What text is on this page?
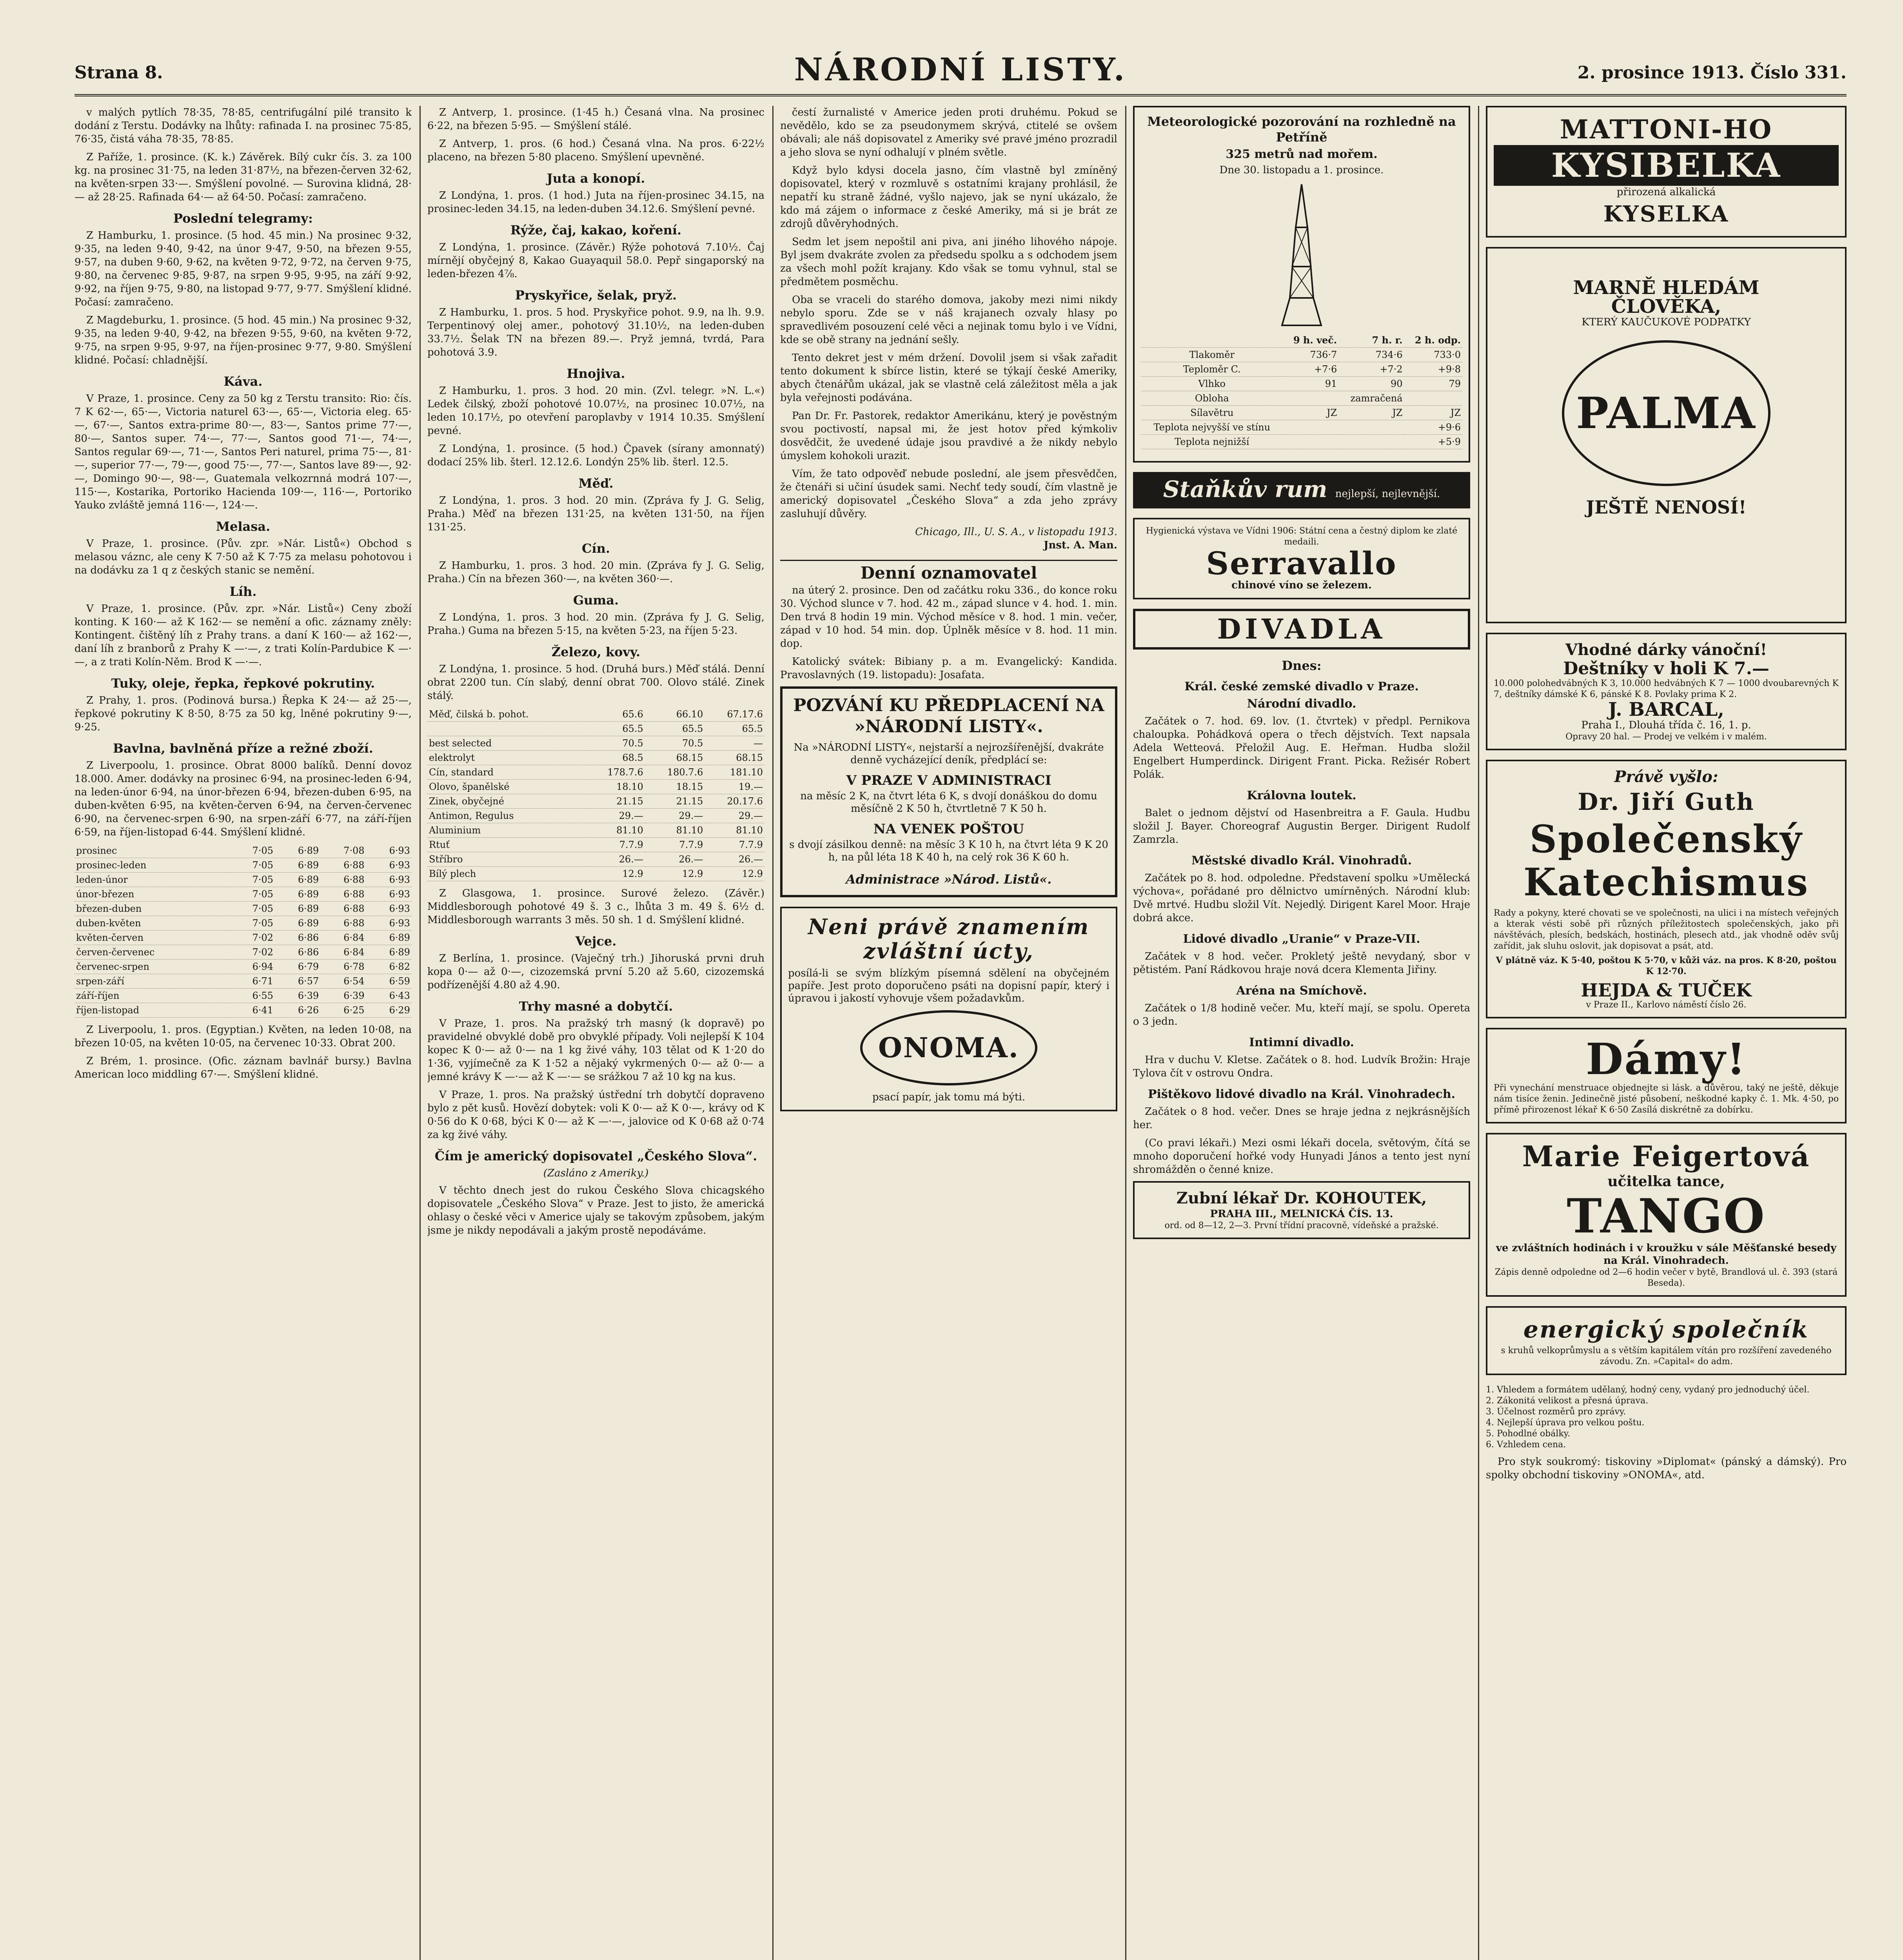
Strana 8.	NÁRODNÍ LISTY.	2. prosince 1913. Číslo 331.

v malých pytlích 78·35, 78·85, centrifugální pilé transito k dodání z Terstu. Dodávky na lhůty: rafinada I. na prosinec 75·85, 76·35, čistá váha 78·35, 78·85.

Z Paříže, 1. prosince. (K. k.) Závěrek. Bílý cukr čís. 3. za 100 kg. na prosinec 31·75, na leden 31·87½, na březen-červen 32·62, na květen-srpen 33·—. Smýšlení povolné. — Surovina klidná, 28·— až 28·25. Rafinada 64·— až 64·50. Počasí: zamračeno.

Poslední telegramy:

Z Hamburku, 1. prosince. (5 hod. 45 min.) Na prosinec 9·32, 9·35, na leden 9·40, 9·42, na únor 9·47, 9·50, na březen 9·55, 9·57, na duben 9·60, 9·62, na květen 9·72, 9·72, na červen 9·75, 9·80, na červenec 9·85, 9·87, na srpen 9·95, 9·95, na září 9·92, 9·92, na říjen 9·75, 9·80, na listopad 9·77, 9·77. Smýšlení klidné. Počasí: zamračeno.

Z Magdeburku, 1. prosince. (5 hod. 45 min.) Na prosinec 9·32, 9·35, na leden 9·40, 9·42, na březen 9·55, 9·60, na květen 9·72, 9·75, na srpen 9·95, 9·97, na říjen-prosinec 9·77, 9·80. Smýšlení klidné. Počasí: chladnější.

Káva.

V Praze, 1. prosince. Ceny za 50 kg z Terstu transito: Rio: čís. 7 K 62·—, 65·—, Victoria naturel 63·—, 65·—, Victoria eleg. 65·—, 67·—, Santos extra-prime 80·—, 83·—, Santos prime 77·—, 80·—, Santos super. 74·—, 77·—, Santos good 71·—, 74·—, Santos regular 69·—, 71·—, Santos Peri naturel, prima 75·—, 81·—, superior 77·—, 79·—, good 75·—, 77·—, Santos lave 89·—, 92·—, Domingo 90·—, 98·—, Guatemala velkozrnná modrá 107·—, 115·—, Kostarika, Portoriko Hacienda 109·—, 116·—, Portoriko Yauko zvláště jemná 116·—, 124·—.

Melasa.

V Praze, 1. prosince. (Pův. zpr. »Nár. Listů«) Obchod s melasou váznc, ale ceny K 7·50 až K 7·75 za melasu pohotovou i na dodávku za 1 q z českých stanic se nemění.

Líh.

V Praze, 1. prosince. (Pův. zpr. »Nár. Listů«) Ceny zboží konting. K 160·— až K 162·— se nemění a ofic. záznamy zněly: Kontingent. čištěný líh z Prahy trans. a daní K 160·— až 162·—, daní líh z branborů z Prahy K —·—, z trati Kolín-Pardubice K —·—, a z trati Kolín-Něm. Brod K —·—.

Tuky, oleje, řepka, řepkové pokrutiny.

Z Prahy, 1. pros. (Podinová bursa.) Řepka K 24·— až 25·—, řepkové pokrutiny K 8·50, 8·75 za 50 kg, lněné pokrutiny 9·—, 9·25.

Bavlna, bavlněná příze a režné zboží.

Z Liverpoolu, 1. prosince. Obrat 8000 balíků. Denní dovoz 18.000. Amer. dodávky na prosinec 6·94, na prosinec-leden 6·94, na leden-únor 6·94, na únor-březen 6·94, březen-duben 6·95, na duben-květen 6·95, na květen-červen 6·94, na červen-červenec 6·90, na červenec-srpen 6·90, na srpen-září 6·77, na září-říjen 6·59, na říjen-listopad 6·44. Smýšlení klidné.

prosinec	7·05	6·89	7·08	6·93
prosinec-leden	7·05	6·89	6·88	6·93
leden-únor	7·05	6·89	6·88	6·93
únor-březen	7·05	6·89	6·88	6·93
březen-duben	7·05	6·89	6·88	6·93
duben-květen	7·05	6·89	6·88	6·93
květen-červen	7·02	6·86	6·84	6·89
červen-červenec	7·02	6·86	6·84	6·89
červenec-srpen	6·94	6·79	6·78	6·82
srpen-září	6·71	6·57	6·54	6·59
září-říjen	6·55	6·39	6·39	6·43
říjen-listopad	6·41	6·26	6·25	6·29

Z Liverpoolu, 1. pros. (Egyptian.) Květen, na leden 10·08, na březen 10·05, na květen 10·05, na červenec 10·33. Obrat 200.

Z Brém, 1. prosince. (Ofic. záznam bavlnář bursy.) Bavlna American loco middling 67·—. Smýšlení klidné.

Z Antverp, 1. prosince. (1·45 h.) Česaná vlna. Na prosinec 6·22, na březen 5·95. — Smýšlení stálé.

Z Antverp, 1. pros. (6 hod.) Česaná vlna. Na pros. 6·22½ placeno, na březen 5·80 placeno. Smýšlení upevněné.

Juta a konopí.

Z Londýna, 1. pros. (1 hod.) Juta na říjen-prosinec 34.15, na prosinec-leden 34.15, na leden-duben 34.12.6. Smýšlení pevné.

Rýže, čaj, kakao, koření.

Z Londýna, 1. prosince. (Závěr.) Rýže pohotová 7.10½. Čaj mírnějí obyčejný 8, Kakao Guayaquil 58.0. Pepř singaporský na leden-březen 4⅞.

Pryskyřice, šelak, pryž.

Z Hamburku, 1. pros. 5 hod. Pryskyřice pohot. 9.9, na lh. 9.9. Terpentinový olej amer., pohotový 31.10½, na leden-duben 33.7½. Šelak TN na březen 89.—. Pryž jemná, tvrdá, Para pohotová 3.9.

Hnojiva.

Z Hamburku, 1. pros. 3 hod. 20 min. (Zvl. telegr. »N. L.«) Ledek čilský, zboží pohotové 10.07½, na prosinec 10.07½, na leden 10.17½, po otevření paroplavby v 1914 10.35. Smýšlení pevné.

Z Londýna, 1. prosince. (5 hod.) Čpavek (sírany amonnatý) dodací 25% lib. šterl. 12.12.6. Londýn 25% lib. šterl. 12.5.

Měď.

Z Londýna, 1. pros. 3 hod. 20 min. (Zpráva fy J. G. Selig, Praha.) Měď na březen 131·25, na květen 131·50, na říjen 131·25.

Cín.

Z Hamburku, 1. pros. 3 hod. 20 min. (Zpráva fy J. G. Selig, Praha.) Cín na březen 360·—, na květen 360·—.

Guma.

Z Londýna, 1. pros. 3 hod. 20 min. (Zpráva fy J. G. Selig, Praha.) Guma na březen 5·15, na květen 5·23, na říjen 5·23.

Železo, kovy.

Z Londýna, 1. prosince. 5 hod. (Druhá burs.) Měď stálá. Denní obrat 2200 tun. Cín slabý, denní obrat 700. Olovo stálé. Zinek stálý.

Měď, čilská b. pohot.	65.6	66.10	67.17.6
	65.5	65.5	65.5
best selected	70.5	70.5	—
elektrolyt	68.5	68.15	68.15
Cín, standard	178.7.6	180.7.6	181.10
Olovo, španělské	18.10	18.15	19.—
Zinek, obyčejné	21.15	21.15	20.17.6
Antimon, Regulus	29.—	29.—	29.—
Aluminium	81.10	81.10	81.10
Rtuť	7.7.9	7.7.9	7.7.9
Stříbro	26.—	26.—	26.—
Bílý plech	12.9	12.9	12.9

Z Glasgowa, 1. prosince. Surové železo. (Závěr.) Middlesborough pohotové 49 š. 3 c., lhůta 3 m. 49 š. 6½ d. Middlesborough warrants 3 měs. 50 sh. 1 d. Smýšlení klidné.

Vejce.

Z Berlína, 1. prosince. (Vaječný trh.) Jihoruská prvni druh kopa 0·— až 0·—, cizozemská první 5.20 až 5.60, cizozemská podřízenější 4.80 až 4.90.

Trhy masné a dobytčí.

V Praze, 1. pros. Na pražský trh masný (k dopravě) po pravidelné obvyklé době pro obvyklé případy. Voli nejlepší K 104 kopec K 0·— až 0·— na 1 kg živé váhy, 103 tělat od K 1·20 do 1·36, vyjímečně za K 1·52 a nějaký vykrmených 0·— až 0·— a jemné krávy K —·— až K —·— se srážkou 7 až 10 kg na kus.

V Praze, 1. pros. Na pražský ústřední trh dobytčí dopraveno bylo z pět kusů. Hovězí dobytek: voli K 0·— až K 0·—, krávy od K 0·56 do K 0·68, býci K 0·— až K —·—, jalovice od K 0·68 až 0·74 za kg živé váhy.

Čím je americký dopisovatel „Českého Slova“.
(Zasláno z Ameriky.)

V těchto dnech jest do rukou Českého Slova chicagského dopisovatele „Českého Slova“ v Praze. Jest to jisto, že americká ohlasy o české věci v Americe ujaly se takovým způsobem, jakým jsme je nikdy nepodávali a jakým prostě nepodáváme.

čestí žurnalisté v Americe jeden proti druhému. Pokud se nevědělo, kdo se za pseudonymem skrývá, ctitelé se ovšem obávali; ale náš dopisovatel z Ameriky své pravé jméno prozradil a jeho slova se nyní odhalují v plném světle.

Když bylo kdysi docela jasno, čím vlastně byl zmíněný dopisovatel, který v rozmluvě s ostatními krajany prohlásil, že nepatří ku straně žádné, vyšlo najevo, jak se nyní ukázalo, že kdo má zájem o informace z české Ameriky, má si je brát ze zdrojů důvěryhodných.

Sedm let jsem nepoštil ani piva, ani jiného lihového nápoje. Byl jsem dvakráte zvolen za předsedu spolku a s odchodem jsem za všech mohl požít krajany. Kdo však se tomu vyhnul, stal se předmětem posměchu.

Oba se vraceli do starého domova, jakoby mezi nimi nikdy nebylo sporu. Zde se v náš krajanech ozvaly hlasy po spravedlivém posouzení celé věci a nejinak tomu bylo i ve Vídni, kde se obě strany na jednání sešly.

Tento dekret jest v mém držení. Dovolil jsem si však zařadit tento dokument k sbírce listin, které se týkají české Ameriky, abych čtenářům ukázal, jak se vlastně celá záležitost měla a jak byla veřejnosti podávána.

Pan Dr. Fr. Pastorek, redaktor Amerikánu, který je pověstným svou poctivostí, napsal mi, že jest hotov před kýmkoliv dosvědčit, že uvedené údaje jsou pravdivé a že nikdy nebylo úmyslem kohokoli urazit.

Vím, že tato odpověď nebude poslední, ale jsem přesvědčen, že čtenáři si učiní úsudek sami. Nechť tedy soudí, čím vlastně je americký dopisovatel „Českého Slova“ a zda jeho zprávy zasluhují důvěry.

Chicago, Ill., U. S. A., v listopadu 1913.
Jnst. A. Man.
Denní oznamovatel

na úterý 2. prosince. Den od začátku roku 336., do konce roku 30. Východ slunce v 7. hod. 42 m., západ slunce v 4. hod. 1. min. Den trvá 8 hodin 19 min. Východ měsíce v 8. hod. 1 min. večer, západ v 10 hod. 54 min. dop. Úplněk měsíce v 8. hod. 11 min. dop.

Katolický svátek: Bibiany p. a m. Evangelický: Kandida. Pravoslavných (19. listopadu): Josafata.

POZVÁNÍ KU PŘEDPLACENÍ NA »NÁRODNÍ LISTY«.
Na »NÁRODNÍ LISTY«, nejstarší a nejrozšířenější, dvakráte denně vycházející deník, předplácí se:
V PRAZE V ADMINISTRACI
na měsíc 2 K, na čtvrt léta 6 K, s dvojí donáškou do domu měsíčně 2 K 50 h, čtvrtletně 7 K 50 h.
NA VENEK POŠTOU
s dvojí zásilkou denně: na měsíc 3 K 10 h, na čtvrt léta 9 K 20 h, na půl léta 18 K 40 h, na celý rok 36 K 60 h.
Administrace »Národ. Listů«.
Neni právě znamením
zvláštní úcty,
posílá-li se svým blízkým písemná sdělení na obyčejném papíře. Jest proto doporučeno psáti na dopisní papír, který i úpravou i jakostí vyhovuje všem požadavkům.
ONOMA.
psací papír, jak tomu má býti.
Meteorologické pozorování na rozhledně na Petříně
325 metrů nad mořem.
Dne 30. listopadu a 1. prosince.
	9 h. več.	7 h. r.	2 h. odp.
Tlakoměr	736·7	734·6	733·0
Teploměr C.	+7·6	+7·2	+9·8
Vlhko	91	90	79
Obloha		zamračená	
Sílavětru	JZ	JZ	JZ
Teplota nejvyšší ve stínu			+9·6
Teplota nejnižší			+5·9
Staňkův rum nejlepší, nejlevnější.
Hygienická výstava ve Vídni 1906: Státní cena a čestný diplom ke zlaté medaili.
Serravallo
chinové víno se železem.
DIVADLA
Dnes:
Král. české zemské divadlo v Praze.
Národní divadlo.

Začátek o 7. hod. 69. lov. (1. čtvrtek) v předpl. Pernikova chaloupka. Pohádková opera o třech dějstvích. Text napsala Adela Wetteová. Přeložil Aug. E. Heřman. Hudba složil Engelbert Humperdinck. Dirigent Frant. Picka. Režisér Robert Polák.

Královna loutek.

Balet o jednom dějství od Hasenbreitra a F. Gaula. Hudbu složil J. Bayer. Choreograf Augustin Berger. Dirigent Rudolf Zamrzla.

Městské divadlo Král. Vinohradů.

Začátek po 8. hod. odpoledne. Představení spolku »Umělecká výchova«, pořádané pro dělnictvo umírněných. Národní klub: Dvě mrtvé. Hudbu složil Vít. Nejedlý. Dirigent Karel Moor. Hraje dobrá akce.

Lidové divadlo „Uranie“ v Praze-VII.

Začátek v 8 hod. večer. Prokletý ještě nevydaný, sbor v pětistém. Paní Rádkovou hraje nová dcera Klementa Jiřiny.

Aréna na Smíchově.

Začátek o 1/8 hodině večer. Mu, kteří mají, se spolu. Opereta o 3 jedn.

Intimní divadlo.

Hra v duchu V. Kletse. Začátek o 8. hod. Ludvík Brožin: Hraje Tylova čít v ostrovu Ondra.

Pištěkovo lidové divadlo na Král. Vinohradech.

Začátek o 8 hod. večer. Dnes se hraje jedna z nejkrásnějších her.

(Co pravi lékaři.) Mezi osmi lékaři docela, světovým, čítá se mnoho doporučení hořké vody Hunyadi János a tento jest nyní shromážděn o čenné knize.

Zubní lékař Dr. KOHOUTEK,
PRAHA III., MELNICKÁ ČÍS. 13.
ord. od 8—12, 2—3. První třídní pracovně, vídeňské a pražské.
MATTONI-HO
KYSIBELKA
přirozená alkalická
KYSELKA
MARNĚ HLEDÁM
ČLOVĚKA,
KTERÝ KAUČUKOVÉ PODPATKY
PALMA
JEŠTĚ NENOSÍ!
Vhodné dárky vánoční!
Deštníky v holi K 7.—
10.000 polohedvábných K 3, 10.000 hedvábných K 7 — 1000 dvoubarevných K 7, deštníky dámské K 6, pánské K 8. Povlaky prima K 2.
J. BARCAL,
Praha I., Dlouhá třída č. 16, 1. p.
Opravy 20 hal. — Prodej ve velkém i v malém.
Právě vyšlo:
Dr. Jiří Guth
Společenský
Katechismus
Rady a pokyny, které chovati se ve společnosti, na ulici i na místech veřejných a kterak vésti sobě při různých příležitostech společenských, jako při návštěvách, plesích, bedskách, hostinách, plesech atd., jak vhodně oděv svůj zařídit, jak sluhu oslovit, jak dopisovat a psát, atd.
V plátně váz. K 5·40, poštou K 5·70, v kůži váz. na pros. K 8·20, poštou K 12·70.
HEJDA & TUČEK
v Praze II., Karlovo náměstí číslo 26.
Dámy!
Při vynechání menstruace objednejte si lásk. a důvěrou, taký ne ještě, děkuje nám tisíce ženin. Jedinečně jisté působení, neškodné kapky č. 1. Mk. 4·50, po přímě přirozenost lékař K 6·50 Zasílá diskrétně za dobírku.
Marie Feigertová
učitelka tance,
TANGO
ve zvláštních hodinách i v kroužku v sále Měšťanské besedy na Král. Vinohradech.
Zápis denně odpoledne od 2—6 hodin večer v bytě, Brandlová ul. č. 393 (stará Beseda).
energický společník
s kruhů velkoprůmyslu a s větším kapitálem vítán pro rozšíření zavedeného závodu. Zn. »Capital« do adm.
1. Vhledem a formátem udělaný, hodný ceny, vydaný pro jednoduchý účel.
2. Zákonitá velikost a přesná úprava.
3. Účelnost rozměrů pro zprávy.
4. Nejlepší úprava pro velkou poštu.
5. Pohodlné obálky.
6. Vzhledem cena.

Pro styk soukromý: tiskoviny »Diplomat« (pánský a dámský). Pro spolky obchodní tiskoviny »ONOMA«, atd.
